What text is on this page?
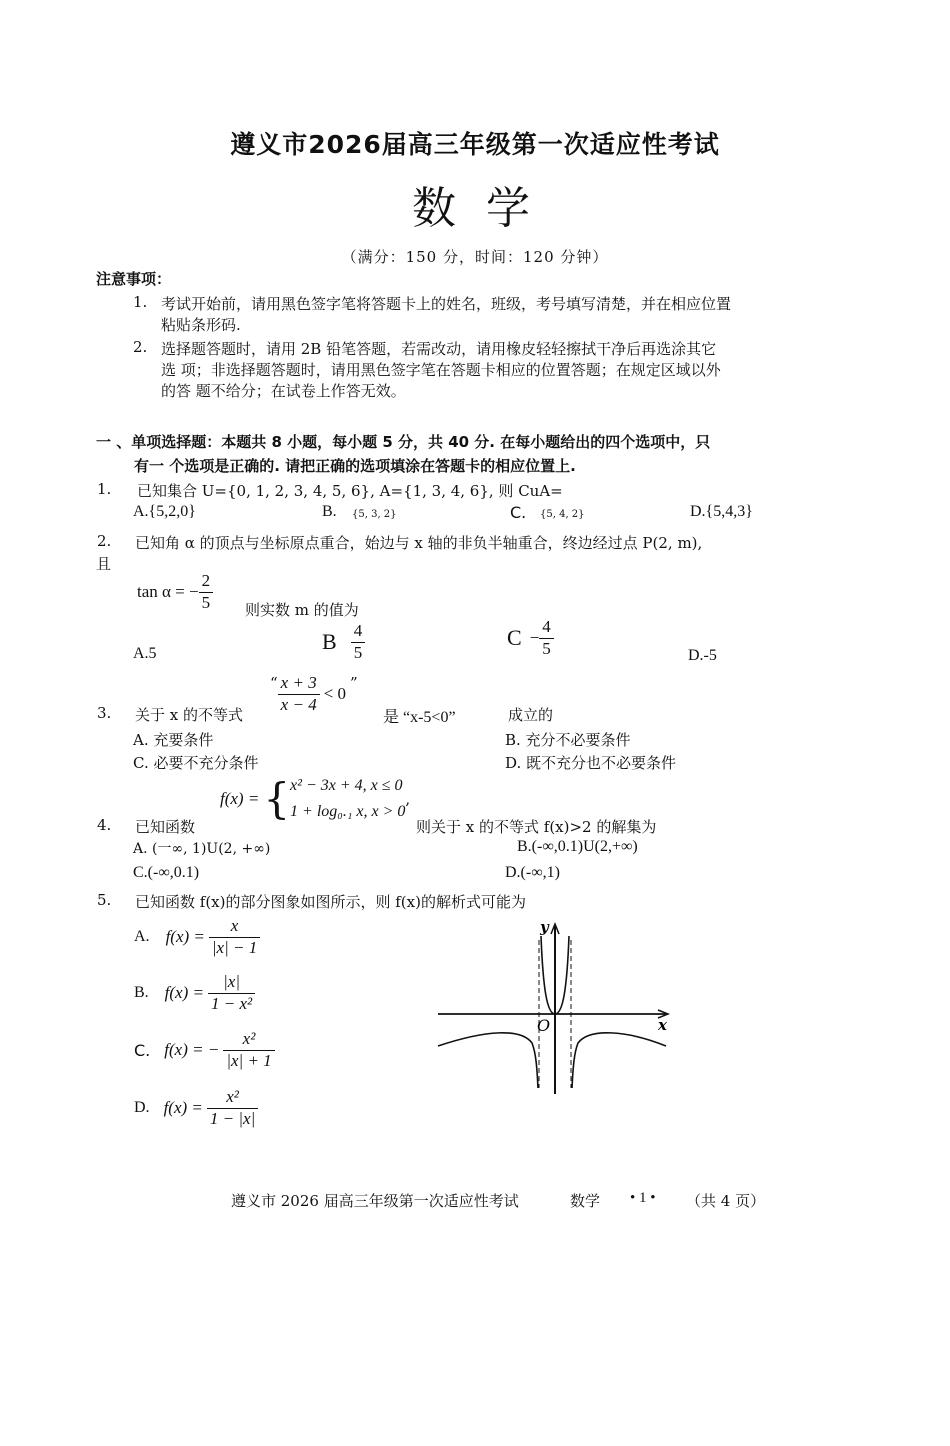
遵义市2026届高三年级第一次适应性考试
数 学
（满分：150 分，时间：120 分钟）
注意事项：
1. 考试开始前，请用黑色签字笔将答题卡上的姓名，班级，考号填写清楚，并在相应位置
粘贴条形码.
2. 选择题答题时，请用 2B 铅笔答题，若需改动，请用橡皮轻轻擦拭干净后再选涂其它
选 项；非选择题答题时，请用黑色签字笔在答题卡相应的位置答题；在规定区域以外
的答 题不给分；在试卷上作答无效。
一 、单项选择题：本题共 8 小题，每小题 5 分，共 40 分. 在每小题给出的四个选项中，只
有一 个选项是正确的. 请把正确的选项填涂在答题卡的相应位置上.
1. 已知集合 U={0, 1, 2, 3, 4, 5, 6}, A={1, 3, 4, 6}, 则 CuA=
A.{5,2,0}	B. {5, 3, 2}	C. {5, 4, 2}	D.{5,4,3}
2. 已知角 α 的顶点与坐标原点重合，始边与 x 轴的非负半轴重合，终边经过点 P(2, m),
且
tan α = − $\frac{2}{5}$ 则实数 m 的值为
A.5	B $\frac{4}{5}$	$C - \frac{4}{5}$	D.-5
3. 关于 x 的不等式
“ $\frac{x + 3}{x - 4} < 0$
”
是 “x-5<0”	成立的
A. 充要条件	B. 充分不必要条件
C. 必要不充分条件	D. 既不充分也不必要条件
4. 已知函数
f(x) = { x² − 3x + 4, x ≤ 0
1 + log₀.₁ x, x > 0
,
则关于 x 的不等式 f(x)>2 的解集为
A. (一∞, 1)U(2, +∞)	B.(-∞,0.1)U(2,+∞)
C.(-∞,0.1)	D.(-∞,1)
5. 已知函数 f(x)的部分图象如图所示，则 f(x)的解析式可能为
A. $f(x) = \frac{x}{|x| - 1}$
B. $f(x) = \frac{|x|}{\text{1 − x²}}$
C. f(x) = − $\frac{\text{x²}}{|x| + 1}$
D. $f(x) = \frac{\text{x²}}{1 - |x|}$
y
x
O
遵义市 2026 届高三年级第一次适应性考试	数学 • 1 • （共 4 页）
